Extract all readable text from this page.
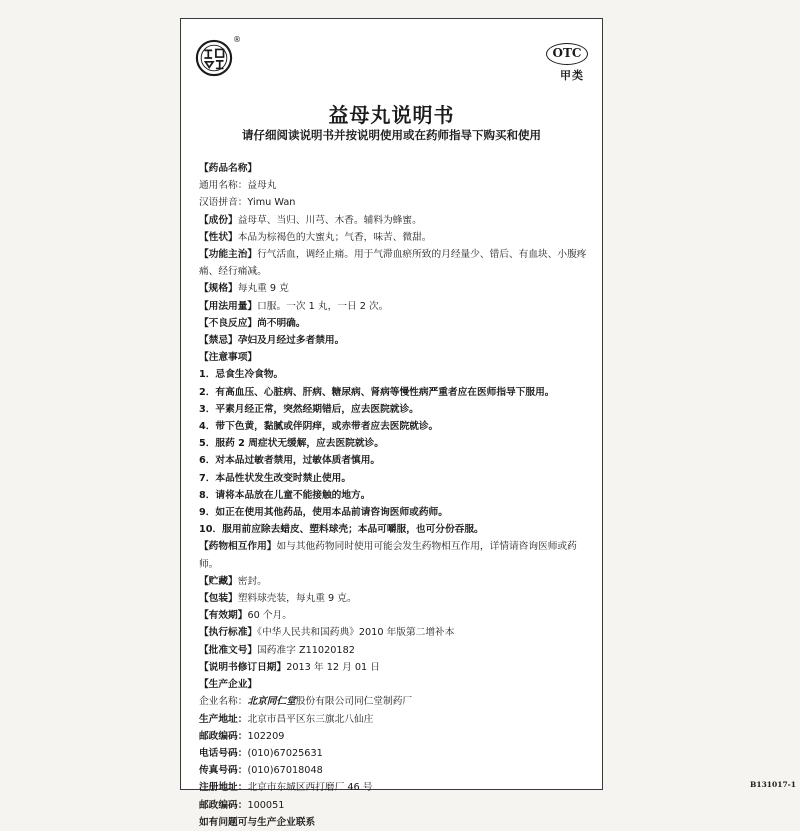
®
OTC
甲类
益母丸说明书
请仔细阅读说明书并按说明使用或在药师指导下购买和使用
【药品名称】
通用名称：益母丸
汉语拼音：Yimu Wan
【成份】益母草、当归、川芎、木香。辅料为蜂蜜。
【性状】本品为棕褐色的大蜜丸；气香，味苦、微甜。
【功能主治】行气活血，调经止痛。用于气滞血瘀所致的月经量少、错后、有血块、小腹疼痛、经行痛减。
【规格】每丸重 9 克
【用法用量】口服。一次 1 丸，一日 2 次。
【不良反应】尚不明确。
【禁忌】孕妇及月经过多者禁用。
【注意事项】
1．忌食生冷食物。
2．有高血压、心脏病、肝病、糖尿病、肾病等慢性病严重者应在医师指导下服用。
3．平素月经正常，突然经期错后，应去医院就诊。
4．带下色黄，黏腻或伴阴痒，或赤带者应去医院就诊。
5．服药 2 周症状无缓解，应去医院就诊。
6．对本品过敏者禁用，过敏体质者慎用。
7．本品性状发生改变时禁止使用。
8．请将本品放在儿童不能接触的地方。
9．如正在使用其他药品，使用本品前请咨询医师或药师。
10．服用前应除去蜡皮、塑料球壳；本品可嚼服，也可分份吞服。
【药物相互作用】如与其他药物同时使用可能会发生药物相互作用，详情请咨询医师或药师。
【贮藏】密封。
【包装】塑料球壳装，每丸重 9 克。
【有效期】60 个月。
【执行标准】《中华人民共和国药典》2010 年版第二增补本
【批准文号】国药准字 Z11020182
【说明书修订日期】2013 年 12 月 01 日
【生产企业】
企业名称：北京同仁堂股份有限公司同仁堂制药厂
生产地址：北京市昌平区东三旗北八仙庄
邮政编码：102209
电话号码：(010)67025631
传真号码：(010)67018048
注册地址：北京市东城区西打磨厂 46 号
邮政编码：100051
如有问题可与生产企业联系
B131017-1
